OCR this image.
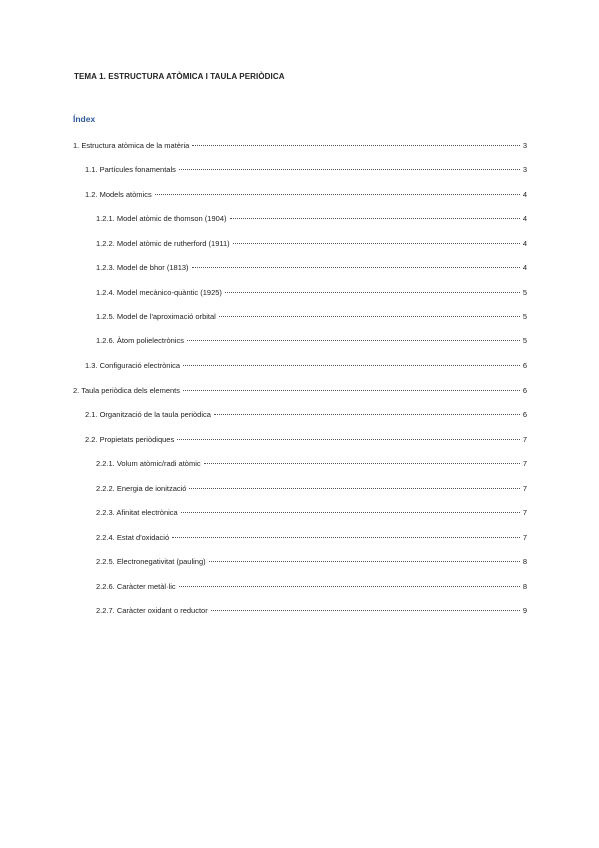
TEMA 1. ESTRUCTURA ATÒMICA I TAULA PERIÒDICA
Índex
1. Estructura atòmica de la matèria	3
1.1. Partícules fonamentals	3
1.2. Models atòmics	4
1.2.1. Model atòmic de thomson (1904)	4
1.2.2. Model atòmic de rutherford (1911)	4
1.2.3. Model de bhor (1813)	4
1.2.4. Model mecànico-quàntic (1925)	5
1.2.5. Model de l'aproximació orbital	5
1.2.6. Àtom polielectrònics	5
1.3. Configuració electrònica	6
2. Taula periòdica dels elements	6
2.1. Organització de la taula periòdica	6
2.2. Propietats periòdiques	7
2.2.1. Volum atòmic/radi atòmic	7
2.2.2. Energia de ionització	7
2.2.3. Afinitat electrònica	7
2.2.4. Estat d'oxidació	7
2.2.5. Electronegativitat (pauling)	8
2.2.6. Caràcter metàl·lic	8
2.2.7. Caràcter oxidant o reductor	9
